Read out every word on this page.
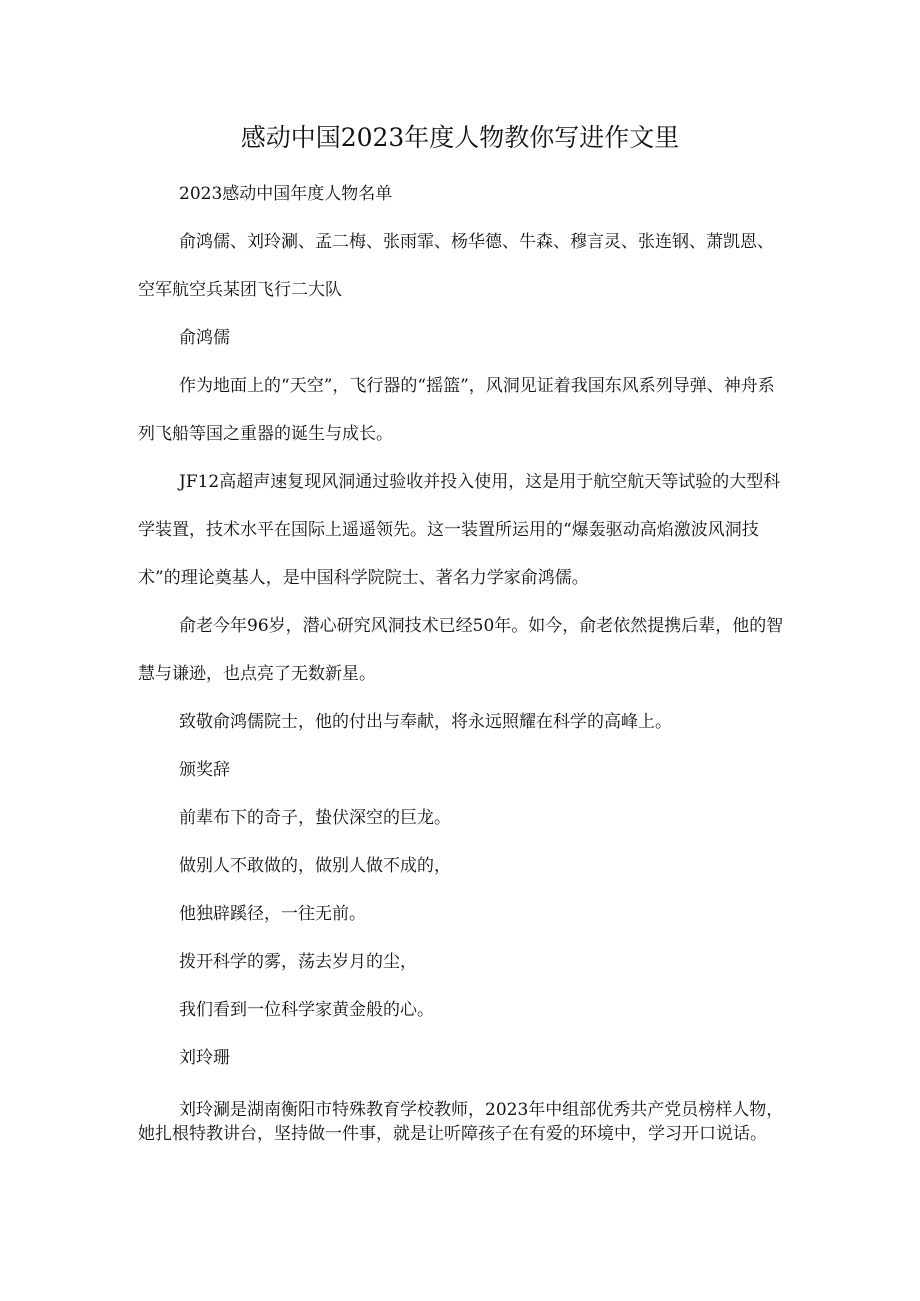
感动中国2023年度人物教你写进作文里

2023感动中国年度人物名单

俞鸿儒、刘玲涮、孟二梅、张雨霏、杨华德、牛森、穆言灵、张连钢、萧凯恩、空军航空兵某团飞行二大队

俞鸿儒

作为地面上的“天空”，飞行器的“摇篮”，风洞见证着我国东风系列导弹、神舟系列飞船等国之重器的诞生与成长。

JF12高超声速复现风洞通过验收并投入使用，这是用于航空航天等试验的大型科学装置，技术水平在国际上遥遥领先。这一装置所运用的“爆轰驱动高焰激波风洞技术”的理论奠基人，是中国科学院院士、著名力学家俞鸿儒。

俞老今年96岁，潜心研究风洞技术已经50年。如今，俞老依然提携后辈，他的智慧与谦逊，也点亮了无数新星。

致敬俞鸿儒院士，他的付出与奉献，将永远照耀在科学的高峰上。

颁奖辞

前辈布下的奇子，蛰伏深空的巨龙。

做别人不敢做的，做别人做不成的，

他独辟蹊径，一往无前。

拨开科学的雾，荡去岁月的尘，

我们看到一位科学家黄金般的心。

刘玲珊

刘玲涮是湖南衡阳市特殊教育学校教师，2023年中组部优秀共产党员榜样人物，她扎根特教讲台，坚持做一件事，就是让听障孩子在有爱的环境中，学习开口说话。
